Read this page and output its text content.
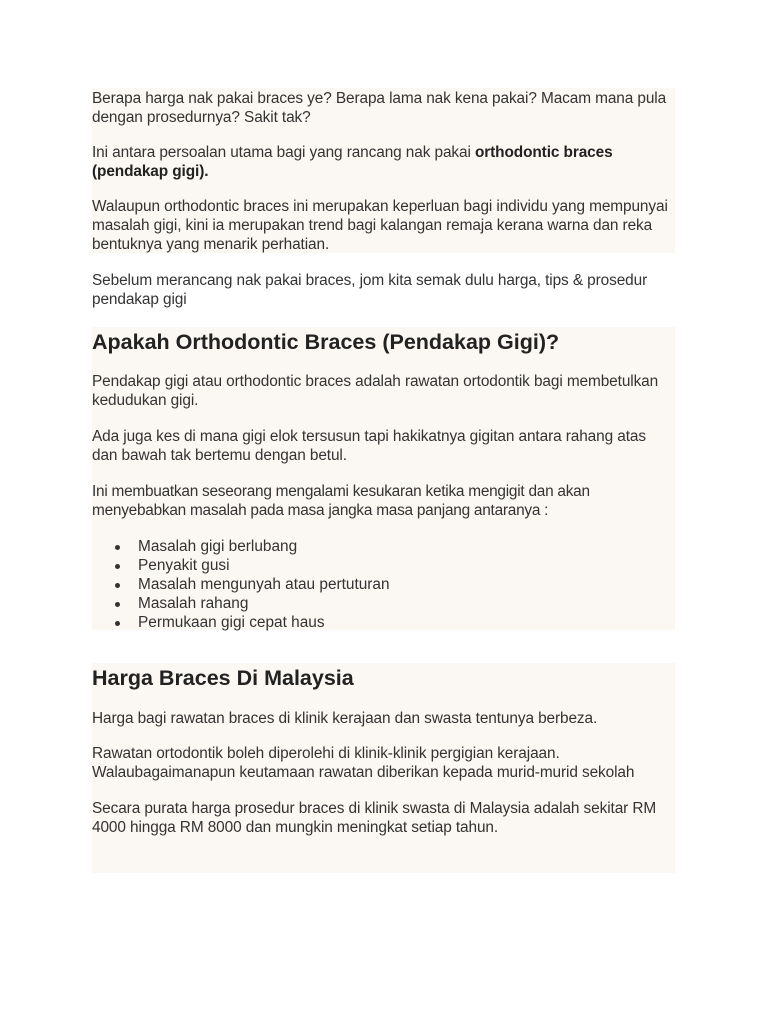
Berapa harga nak pakai braces ye? Berapa lama nak kena pakai? Macam mana pula dengan prosedurnya? Sakit tak?

Ini antara persoalan utama bagi yang rancang nak pakai orthodontic braces (pendakap gigi).

Walaupun orthodontic braces ini merupakan keperluan bagi individu yang mempunyai masalah gigi, kini ia merupakan trend bagi kalangan remaja kerana warna dan reka bentuknya yang menarik perhatian.

Sebelum merancang nak pakai braces, jom kita semak dulu harga, tips & prosedur pendakap gigi

Apakah Orthodontic Braces (Pendakap Gigi)?

Pendakap gigi atau orthodontic braces adalah rawatan ortodontik bagi membetulkan kedudukan gigi.

Ada juga kes di mana gigi elok tersusun tapi hakikatnya gigitan antara rahang atas dan bawah tak bertemu dengan betul.

Ini membuatkan seseorang mengalami kesukaran ketika mengigit dan akan menyebabkan masalah pada masa jangka masa panjang antaranya :

Masalah gigi berlubang
Penyakit gusi
Masalah mengunyah atau pertuturan
Masalah rahang
Permukaan gigi cepat haus
Harga Braces Di Malaysia

Harga bagi rawatan braces di klinik kerajaan dan swasta tentunya berbeza.

Rawatan ortodontik boleh diperolehi di klinik-klinik pergigian kerajaan. Walaubagaimanapun keutamaan rawatan diberikan kepada murid-murid sekolah

Secara purata harga prosedur braces di klinik swasta di Malaysia adalah sekitar RM 4000 hingga RM 8000 dan mungkin meningkat setiap tahun.
